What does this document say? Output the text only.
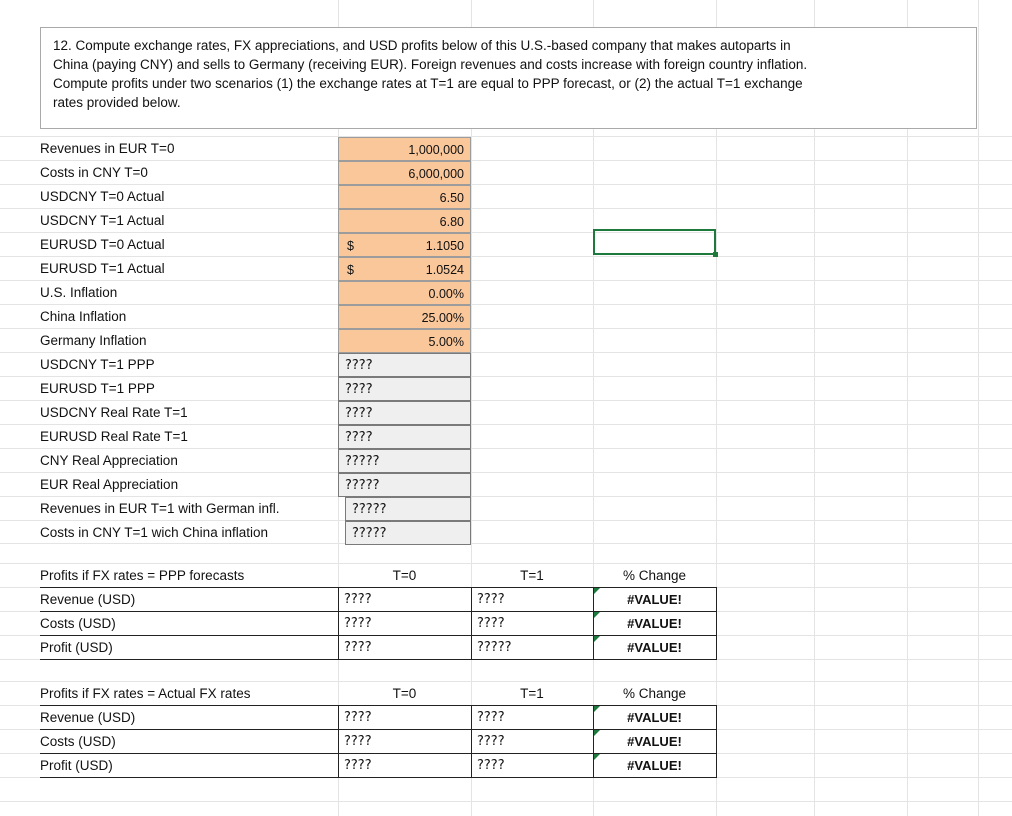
12. Compute exchange rates, FX appreciations, and USD profits below of this U.S.-based company that makes autoparts in

China (paying CNY) and sells to Germany (receiving EUR). Foreign revenues and costs increase with foreign country inflation.

Compute profits under two scenarios (1) the exchange rates at T=1 are equal to PPP forecast, or (2) the actual T=1 exchange

rates provided below.

Revenues in EUR T=0	1,000,000
Costs in CNY T=0	6,000,000
USDCNY T=0 Actual	6.50
USDCNY T=1 Actual	6.80
EURUSD T=0 Actual	$	1.1050
EURUSD T=1 Actual	$	1.0524
U.S. Inflation	0.00%
China Inflation	25.00%
Germany Inflation	5.00%
USDCNY T=1 PPP	????
EURUSD T=1 PPP	????
USDCNY Real Rate T=1	????
EURUSD Real Rate T=1	????
CNY Real Appreciation	?????
EUR Real Appreciation	?????
Revenues in EUR T=1 with German infl.	?????
Costs in CNY T=1 wich China inflation	?????
Profits if FX rates = PPP forecasts	T=0	T=1	% Change
Revenue (USD)	????	????	#VALUE!
Costs (USD)	????	????	#VALUE!
Profit (USD)	????	?????	#VALUE!
Profits if FX rates = Actual FX rates	T=0	T=1	% Change
Revenue (USD)	????	????	#VALUE!
Costs (USD)	????	????	#VALUE!
Profit (USD)	????	????	#VALUE!
